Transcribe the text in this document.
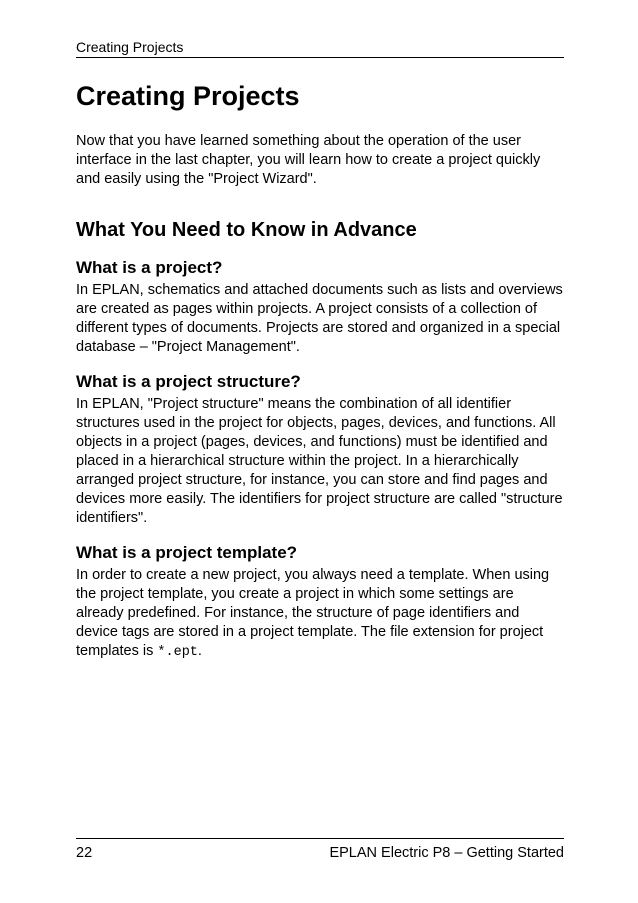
Creating Projects
Creating Projects

Now that you have learned something about the operation of the user interface in the last chapter, you will learn how to create a project quickly and easily using the "Project Wizard".

What You Need to Know in Advance
What is a project?

In EPLAN, schematics and attached documents such as lists and overviews are created as pages within projects. A project consists of a collection of different types of documents. Projects are stored and organized in a special database – "Project Management".

What is a project structure?

In EPLAN, "Project structure" means the combination of all identifier structures used in the project for objects, pages, devices, and functions. All objects in a project (pages, devices, and functions) must be identified and placed in a hierarchical structure within the project. In a hierarchically arranged project structure, for instance, you can store and find pages and devices more easily. The identifiers for project structure are called "structure identifiers".

What is a project template?

In order to create a new project, you always need a template. When using the project template, you create a project in which some settings are already predefined. For instance, the structure of page identifiers and device tags are stored in a project template. The file extension for project templates is *.ept.

22	EPLAN Electric P8 – Getting Started
